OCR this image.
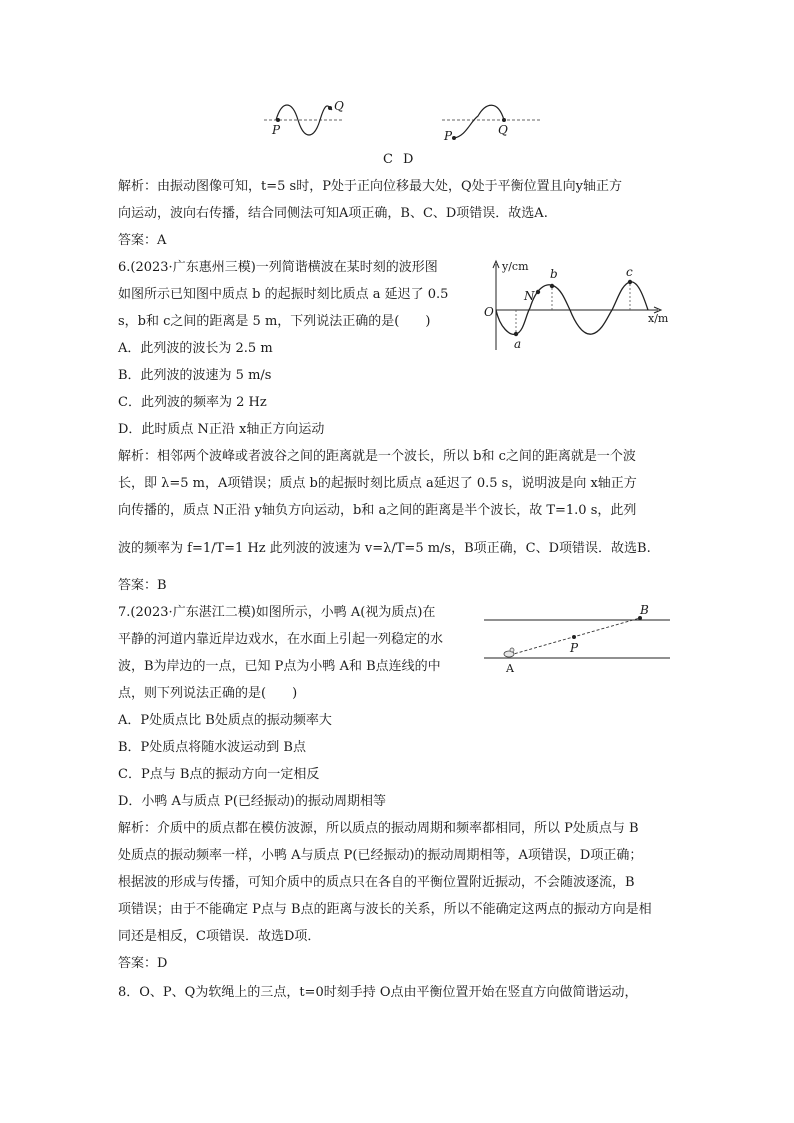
P
Q
P	Q
C D
解析：由振动图像可知，t=5 s时，P处于正向位移最大处，Q处于平衡位置且向y轴正方
向运动，波向右传播，结合同侧法可知A项正确，B、C、D项错误．故选A.
答案：A
6.(2023·广东惠州三模)一列简谐横波在某时刻的波形图
如图所示已知图中质点 b 的起振时刻比质点 a 延迟了 0.5
s，b和 c之间的距离是 5 m，下列说法正确的是(　　)
A．此列波的波长为 2.5 m
B．此列波的波速为 5 m/s
C．此列波的频率为 2 Hz
D．此时质点 N正沿 x轴正方向运动
解析：相邻两个波峰或者波谷之间的距离就是一个波长，所以 b和 c之间的距离就是一个波
长，即 λ=5 m，A项错误；质点 b的起振时刻比质点 a延迟了 0.5 s，说明波是向 x轴正方
向传播的，质点 N正沿 y轴负方向运动，b和 a之间的距离是半个波长，故 T=1.0 s，此列
波的频率为 f=1/T=1 Hz 此列波的波速为 v=λ/T=5 m/s，B项正确，C、D项错误．故选B.
答案：B
y/cm
x/m
O
a
N
b	c
7.(2023·广东湛江二模)如图所示，小鸭 A(视为质点)在
平静的河道内靠近岸边戏水，在水面上引起一列稳定的水
波，B为岸边的一点，已知 P点为小鸭 A和 B点连线的中
点，则下列说法正确的是(　　)
A．P处质点比 B处质点的振动频率大
B．P处质点将随水波运动到 B点
C．P点与 B点的振动方向一定相反
D．小鸭 A与质点 P(已经振动)的振动周期相等
解析：介质中的质点都在模仿波源，所以质点的振动周期和频率都相同，所以 P处质点与 B
处质点的振动频率一样，小鸭 A与质点 P(已经振动)的振动周期相等，A项错误，D项正确；
根据波的形成与传播，可知介质中的质点只在各自的平衡位置附近振动，不会随波逐流，B
项错误；由于不能确定 P点与 B点的距离与波长的关系，所以不能确定这两点的振动方向是相
同还是相反，C项错误．故选D项．
答案：D
A
B
P
8．O、P、Q为软绳上的三点，t=0时刻手持 O点由平衡位置开始在竖直方向做简谐运动，
